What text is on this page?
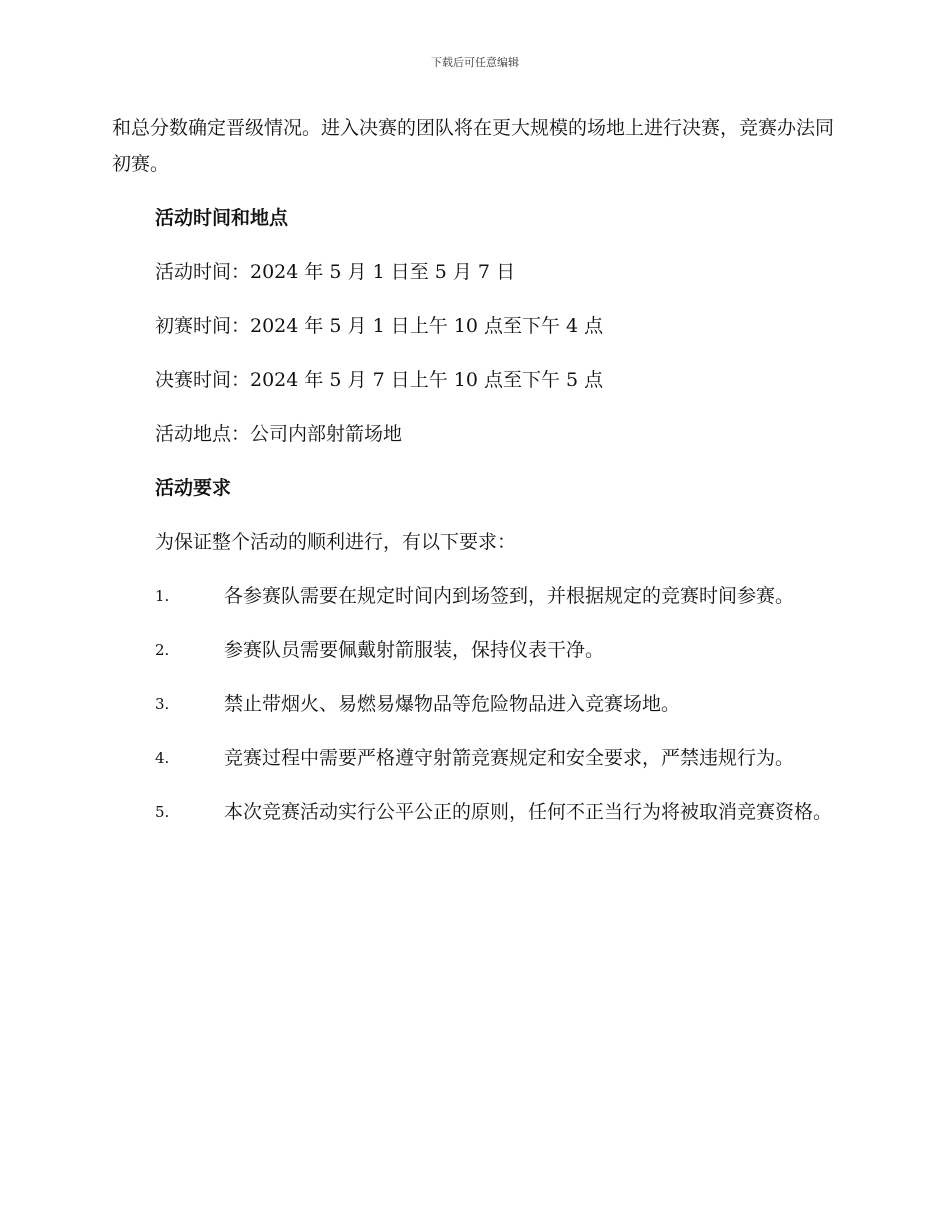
下载后可任意编辑

和总分数确定晋级情况。进入决赛的团队将在更大规模的场地上进行决赛，竞赛办法同初赛。

活动时间和地点

活动时间：2024 年 5 月 1 日至 5 月 7 日

初赛时间：2024 年 5 月 1 日上午 10 点至下午 4 点

决赛时间：2024 年 5 月 7 日上午 10 点至下午 5 点

活动地点：公司内部射箭场地

活动要求

为保证整个活动的顺利进行，有以下要求：

1.	各参赛队需要在规定时间内到场签到，并根据规定的竞赛时间参赛。

2.	参赛队员需要佩戴射箭服装，保持仪表干净。

3.	禁止带烟火、易燃易爆物品等危险物品进入竞赛场地。

4.	竞赛过程中需要严格遵守射箭竞赛规定和安全要求，严禁违规行为。

5.	本次竞赛活动实行公平公正的原则，任何不正当行为将被取消竞赛资格。
